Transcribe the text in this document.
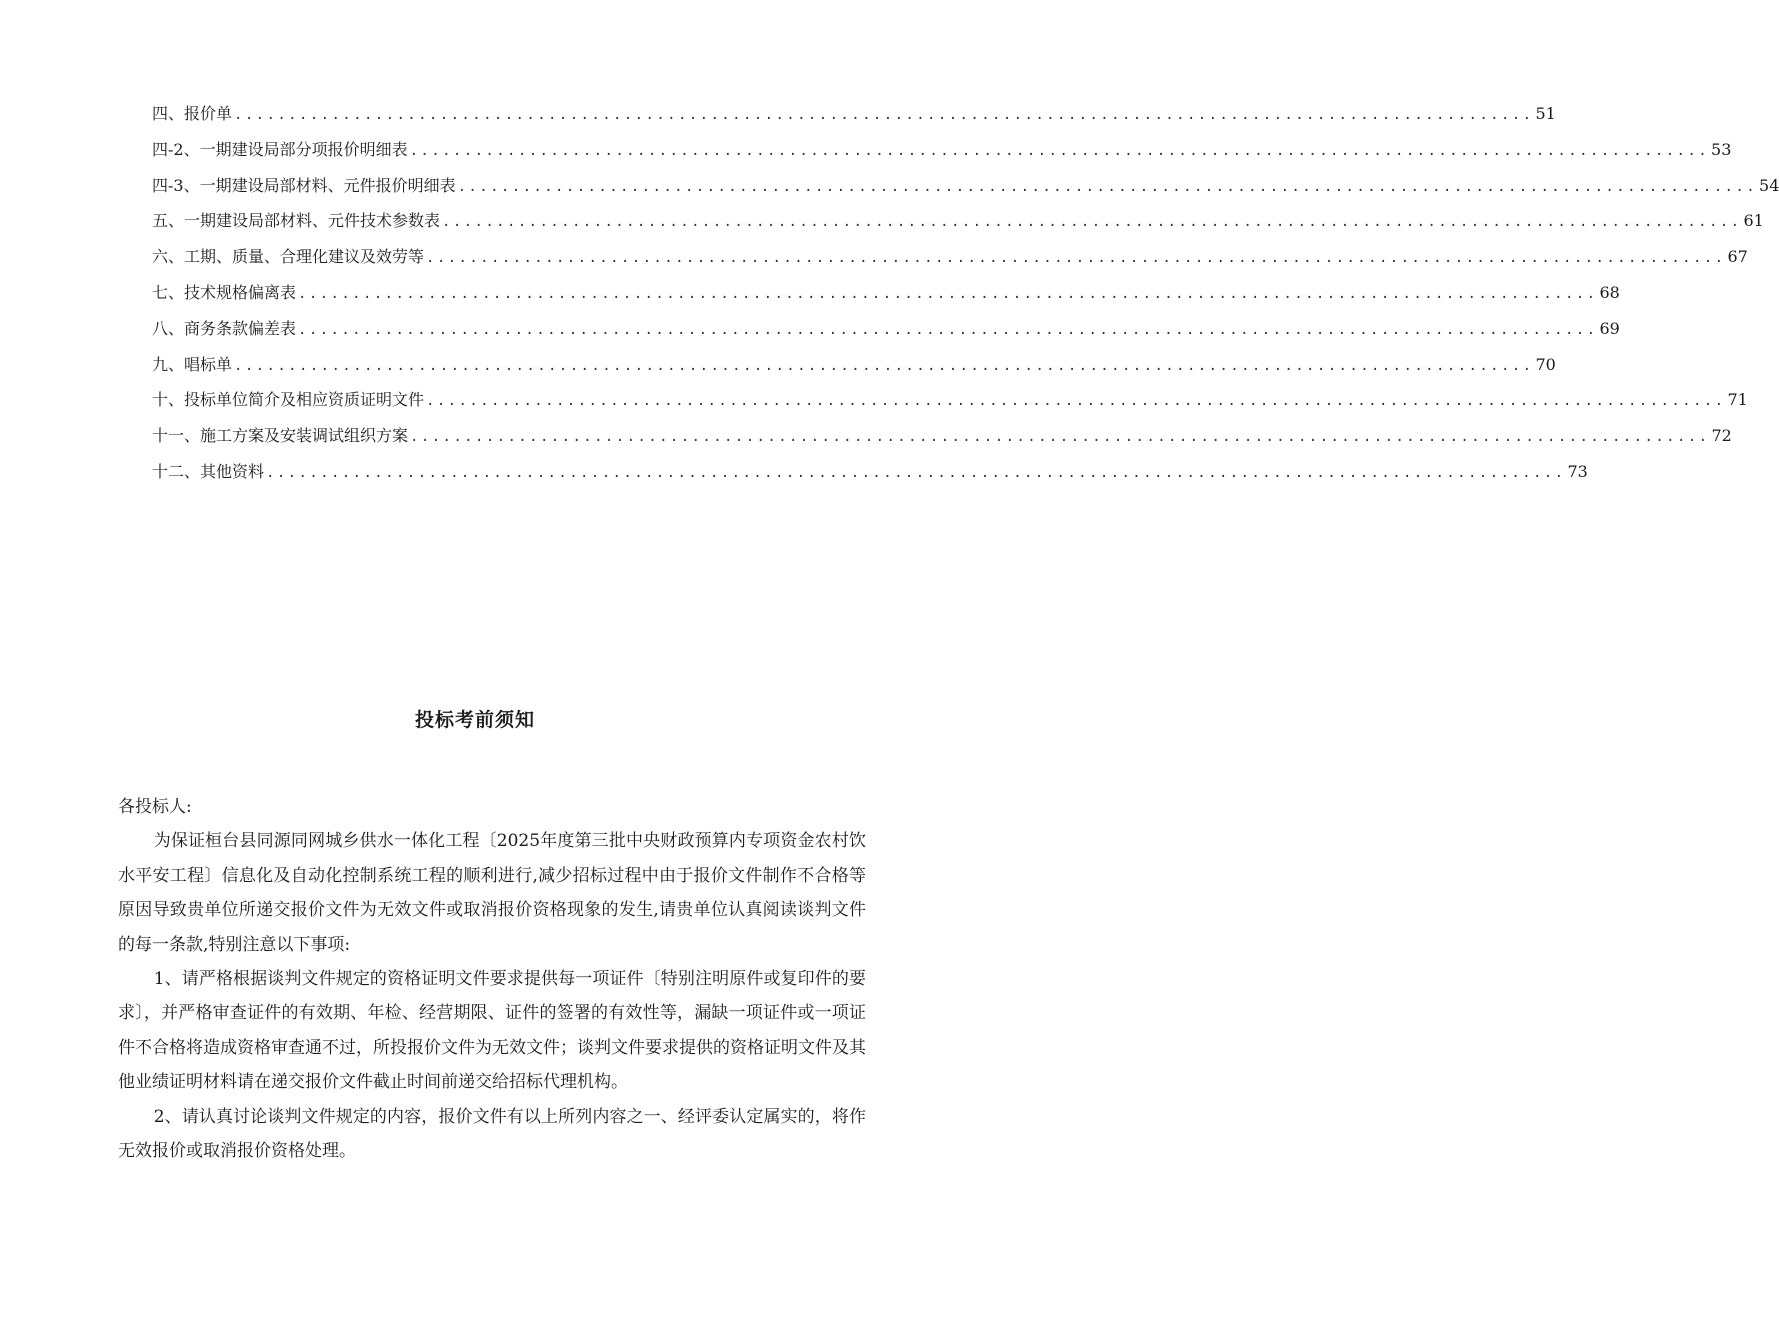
四、报价单 ........................................................................................................................ 51
四-2、一期建设局部分项报价明细表 ........................................................................................................................ 53
四-3、一期建设局部材料、元件报价明细表 ........................................................................................................................ 54
五、一期建设局部材料、元件技术参数表 ........................................................................................................................ 61
六、工期、质量、合理化建议及效劳等 ........................................................................................................................ 67
七、技术规格偏离表 ........................................................................................................................ 68
八、商务条款偏差表 ........................................................................................................................ 69
九、唱标单 ........................................................................................................................ 70
十、投标单位简介及相应资质证明文件 ........................................................................................................................ 71
十一、施工方案及安装调试组织方案 ........................................................................................................................ 72
十二、其他资料 ........................................................................................................................ 73
投标考前须知

各投标人:

为保证桓台县同源同网城乡供水一体化工程〔2025年度第三批中央财政预算内专项资金农村饮水平安工程〕信息化及自动化控制系统工程的顺利进行,减少招标过程中由于报价文件制作不合格等原因导致贵单位所递交报价文件为无效文件或取消报价资格现象的发生,请贵单位认真阅读谈判文件的每一条款,特别注意以下事项:

1、请严格根据谈判文件规定的资格证明文件要求提供每一项证件〔特别注明原件或复印件的要求〕，并严格审查证件的有效期、年检、经营期限、证件的签署的有效性等，漏缺一项证件或一项证件不合格将造成资格审查通不过，所投报价文件为无效文件；谈判文件要求提供的资格证明文件及其他业绩证明材料请在递交报价文件截止时间前递交给招标代理机构。

2、请认真讨论谈判文件规定的内容，报价文件有以上所列内容之一、经评委认定属实的，将作无效报价或取消报价资格处理。
